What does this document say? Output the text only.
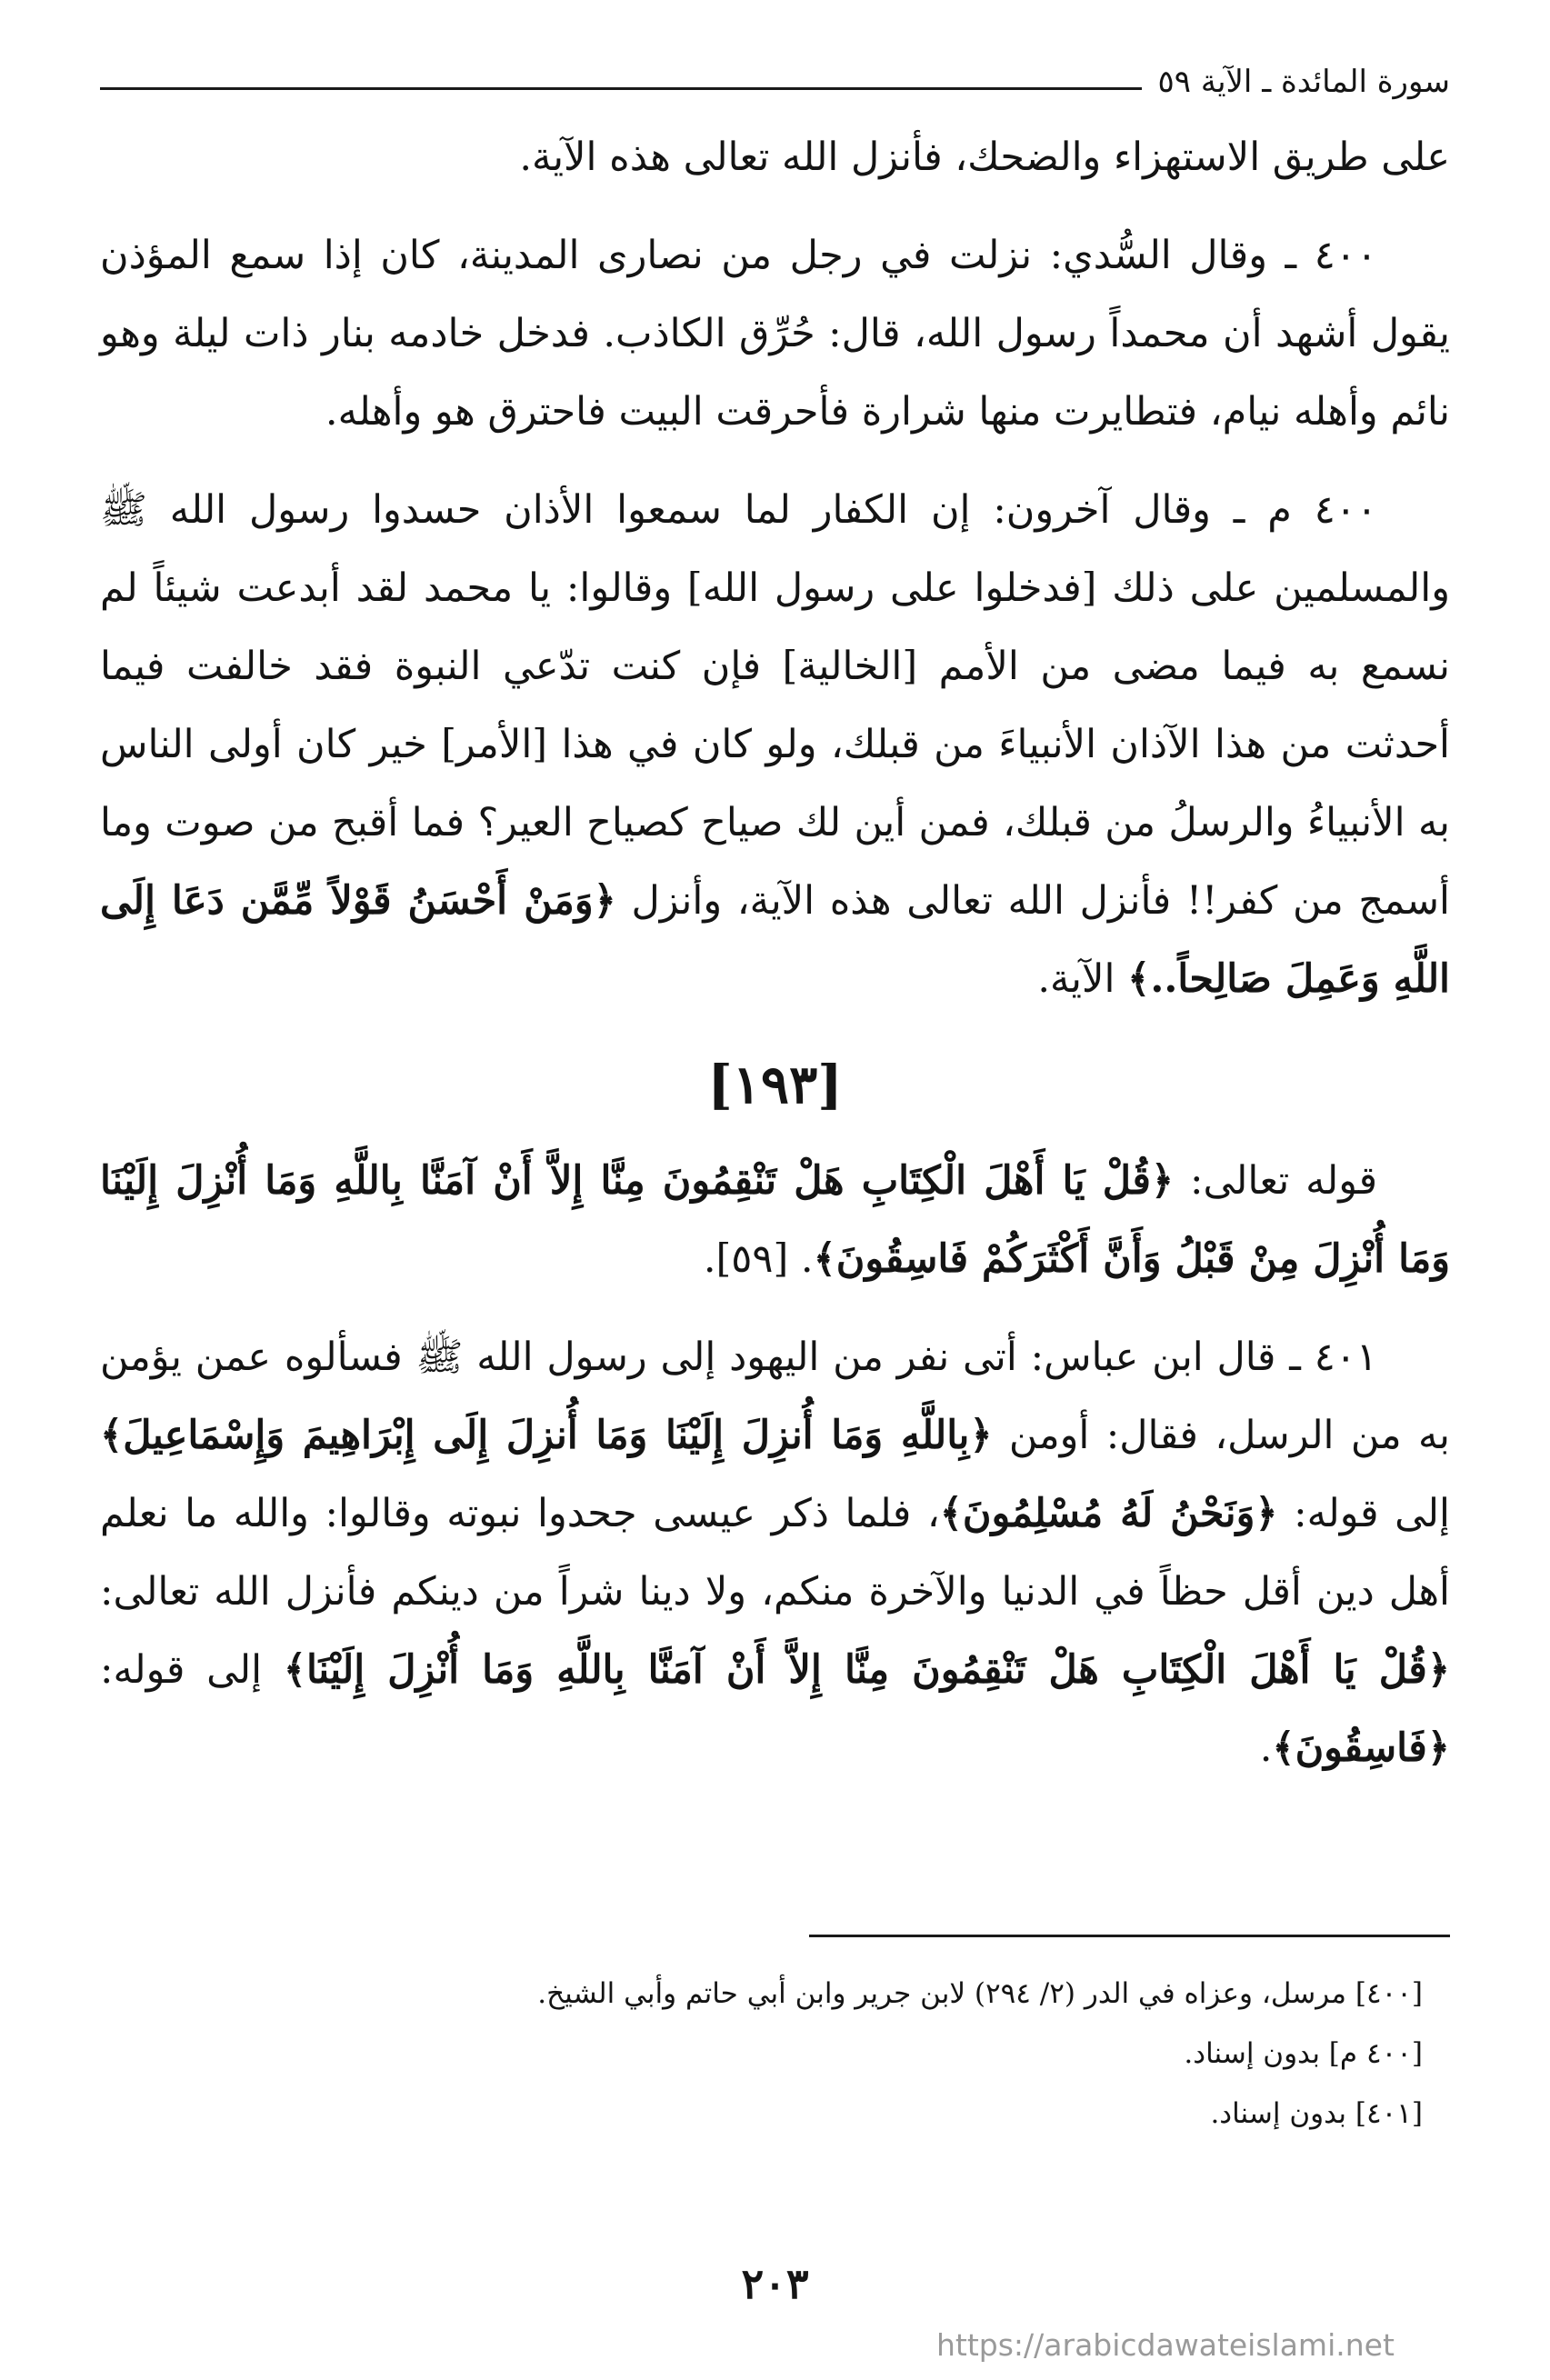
سورة المائدة ـ الآية ٥٩

على طريق الاستهزاء والضحك، فأنزل الله تعالى هذه الآية.

٤٠٠ ـ وقال السُّدي: نزلت في رجل من نصارى المدينة، كان إذا سمع المؤذن يقول أشهد أن محمداً رسول الله، قال: حُرِّق الكاذب. فدخل خادمه بنار ذات ليلة وهو نائم وأهله نيام، فتطايرت منها شرارة فأحرقت البيت فاحترق هو وأهله.

٤٠٠ م ـ وقال آخرون: إن الكفار لما سمعوا الأذان حسدوا رسول الله ﷺ والمسلمين على ذلك [فدخلوا على رسول الله] وقالوا: يا محمد لقد أبدعت شيئاً لم نسمع به فيما مضى من الأمم [الخالية] فإن كنت تدّعي النبوة فقد خالفت فيما أحدثت من هذا الآذان الأنبياءَ من قبلك، ولو كان في هذا [الأمر] خير كان أولى الناس به الأنبياءُ والرسلُ من قبلك، فمن أين لك صياح كصياح العير؟ فما أقبح من صوت وما أسمج من كفر!! فأنزل الله تعالى هذه الآية، وأنزل ﴿وَمَنْ أَحْسَنُ قَوْلاً مِّمَّن دَعَا إِلَى اللَّهِ وَعَمِلَ صَالِحاً..﴾ الآية.

[١٩٣]

قوله تعالى: ﴿قُلْ يَا أَهْلَ الْكِتَابِ هَلْ تَنْقِمُونَ مِنَّا إِلاَّ أَنْ آمَنَّا بِاللَّهِ وَمَا أُنْزِلَ إِلَيْنَا وَمَا أُنْزِلَ مِنْ قَبْلُ وَأَنَّ أَكْثَرَكُمْ فَاسِقُونَ﴾. [٥٩].

٤٠١ ـ قال ابن عباس: أتى نفر من اليهود إلى رسول الله ﷺ فسألوه عمن يؤمن به من الرسل، فقال: أومن ﴿بِاللَّهِ وَمَا أُنزِلَ إِلَيْنَا وَمَا أُنزِلَ إِلَى إِبْرَاهِيمَ وَإِسْمَاعِيلَ﴾ إلى قوله: ﴿وَنَحْنُ لَهُ مُسْلِمُونَ﴾، فلما ذكر عيسى جحدوا نبوته وقالوا: والله ما نعلم أهل دين أقل حظاً في الدنيا والآخرة منكم، ولا دينا شراً من دينكم فأنزل الله تعالى: ﴿قُلْ يَا أَهْلَ الْكِتَابِ هَلْ تَنْقِمُونَ مِنَّا إِلاَّ أَنْ آمَنَّا بِاللَّهِ وَمَا أُنْزِلَ إِلَيْنَا﴾ إلى قوله: ﴿فَاسِقُونَ﴾.

[٤٠٠] مرسل، وعزاه في الدر (٢/ ٢٩٤) لابن جرير وابن أبي حاتم وأبي الشيخ.

[٤٠٠ م] بدون إسناد.

[٤٠١] بدون إسناد.

٢٠٣
https://arabicdawateislami.net
